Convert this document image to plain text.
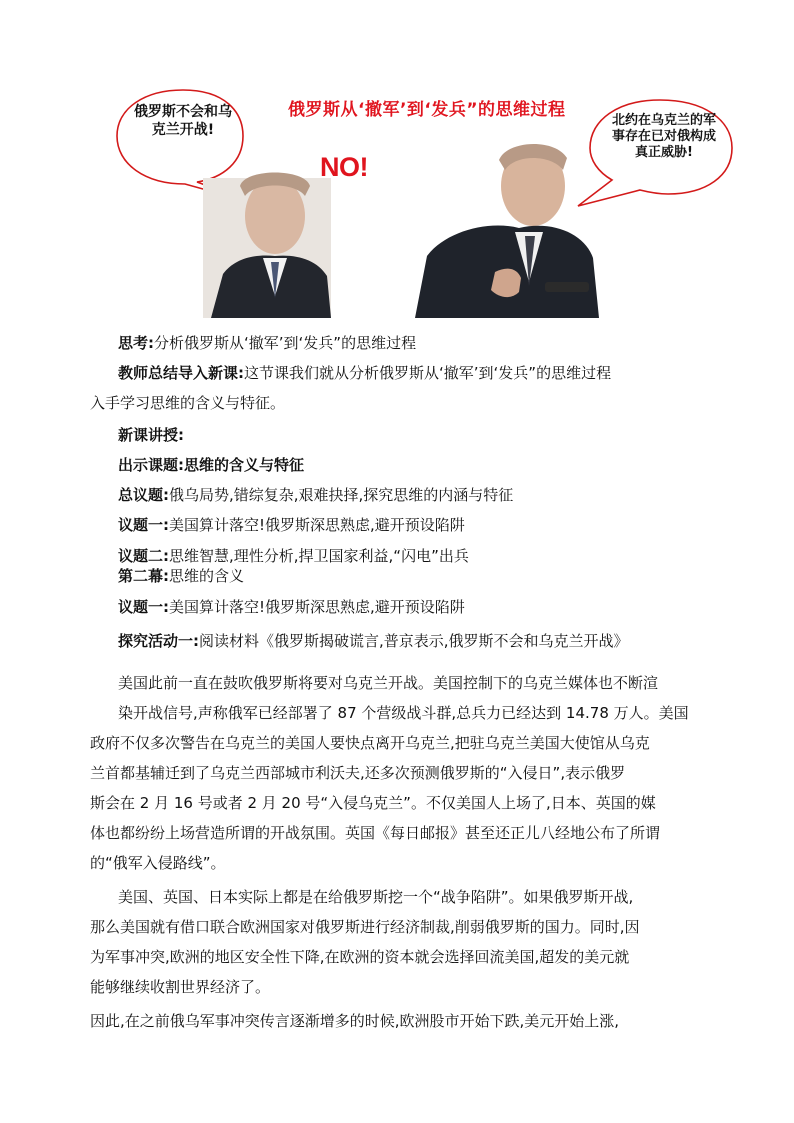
俄罗斯从‘撤军’到‘发兵”的思维过程
NO!
俄罗斯不会和乌克兰开战!
北约在乌克兰的军事存在已对俄构成真正威胁!

思考:分析俄罗斯从‘撤军’到‘发兵”的思维过程

教师总结导入新课:这节课我们就从分析俄罗斯从‘撤军’到‘发兵”的思维过程

入手学习思维的含义与特征。

新课讲授:

出示课题:思维的含义与特征

总议题:俄乌局势,错综复杂,艰难抉择,探究思维的内涵与特征

议题一:美国算计落空!俄罗斯深思熟虑,避开预设陷阱

议题二:思维智慧,理性分析,捍卫国家利益,“闪电”出兵

第二幕:思维的含义

议题一:美国算计落空!俄罗斯深思熟虑,避开预设陷阱

探究活动一:阅读材料《俄罗斯揭破谎言,普京表示,俄罗斯不会和乌克兰开战》

美国此前一直在鼓吹俄罗斯将要对乌克兰开战。美国控制下的乌克兰媒体也不断渲

染开战信号,声称俄军已经部署了 87 个营级战斗群,总兵力已经达到 14.78 万人。美国

政府不仅多次警告在乌克兰的美国人要快点离开乌克兰,把驻乌克兰美国大使馆从乌克

兰首都基辅迁到了乌克兰西部城市利沃夫,还多次预测俄罗斯的“入侵日”,表示俄罗

斯会在 2 月 16 号或者 2 月 20 号“入侵乌克兰”。不仅美国人上场了,日本、英国的媒

体也都纷纷上场营造所谓的开战氛围。英国《每日邮报》甚至还正儿八经地公布了所谓

的“俄军入侵路线”。

美国、英国、日本实际上都是在给俄罗斯挖一个“战争陷阱”。如果俄罗斯开战,

那么美国就有借口联合欧洲国家对俄罗斯进行经济制裁,削弱俄罗斯的国力。同时,因

为军事冲突,欧洲的地区安全性下降,在欧洲的资本就会选择回流美国,超发的美元就

能够继续收割世界经济了。

因此,在之前俄乌军事冲突传言逐渐增多的时候,欧洲股市开始下跌,美元开始上涨,
